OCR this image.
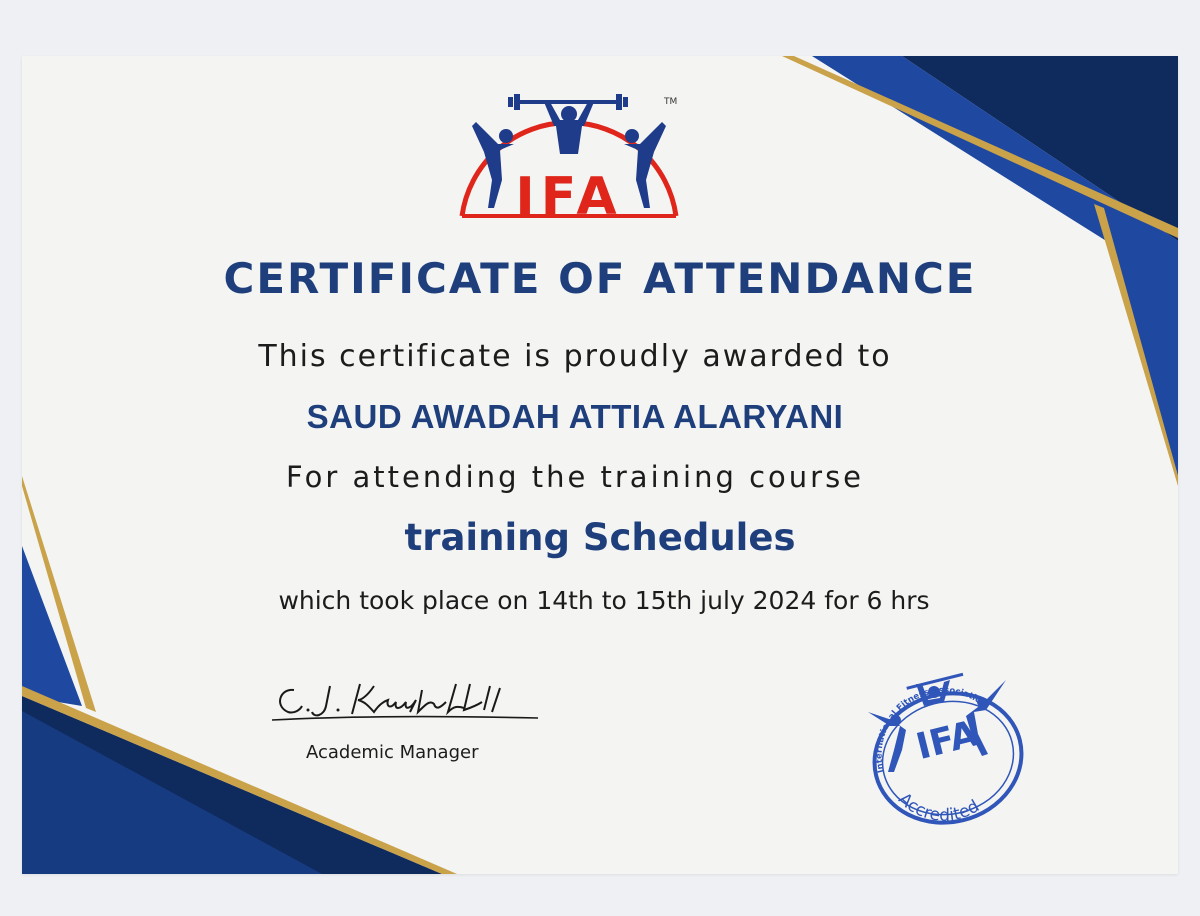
IFA
TM
CERTIFICATE OF ATTENDANCE
This certificate is proudly awarded to
SAUD AWADAH ATTIA ALARYANI
For attending the training course
training Schedules
which took place on 14th to 15th july 2024 for 6 hrs
Academic Manager	IFA
International Fitness Association
Accredited
